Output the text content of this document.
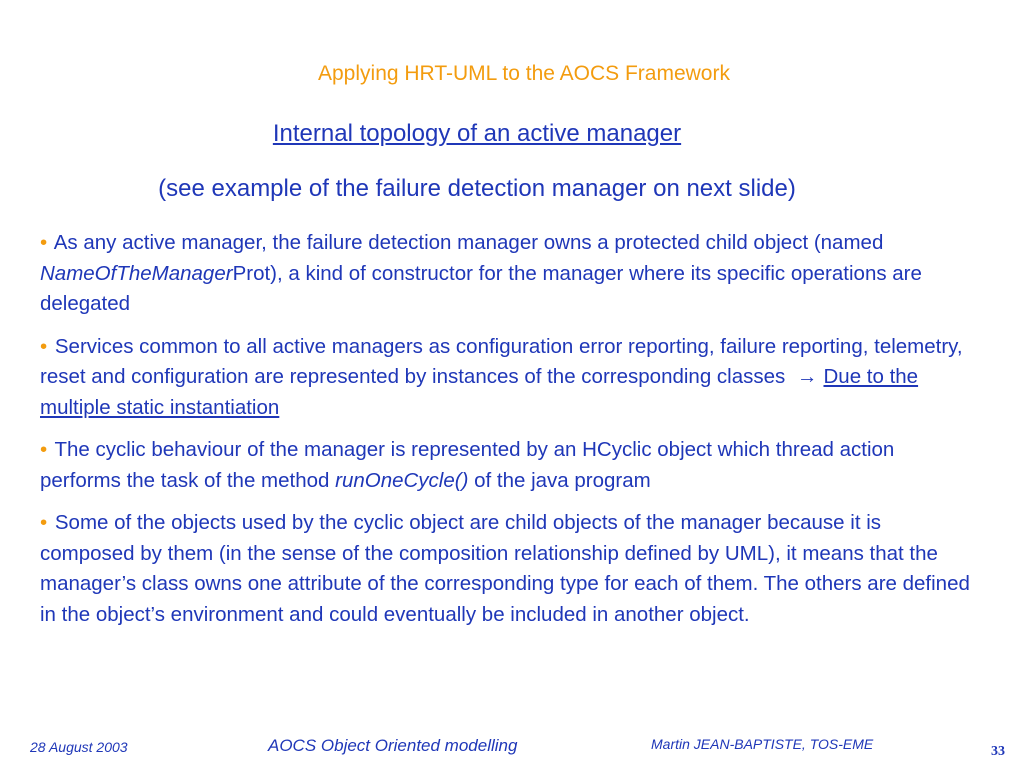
Applying HRT-UML to the AOCS Framework
Internal topology of an active manager
(see example of the failure detection manager on next slide)

• As any active manager, the failure detection manager owns a protected child object (named NameOfTheManagerProt), a kind of constructor for the manager where its specific operations are delegated

• Services common to all active managers as configuration error reporting, failure reporting, telemetry, reset and configuration are represented by instances of the corresponding classes → Due to the multiple static instantiation

• The cyclic behaviour of the manager is represented by an HCyclic object which thread action performs the task of the method runOneCycle() of the java program

• Some of the objects used by the cyclic object are child objects of the manager because it is composed by them (in the sense of the composition relationship defined by UML), it means that the manager’s class owns one attribute of the corresponding type for each of them. The others are defined in the object’s environment and could eventually be included in another object.

28 August 2003	AOCS Object Oriented modelling	Martin JEAN-BAPTISTE, TOS-EME	33
